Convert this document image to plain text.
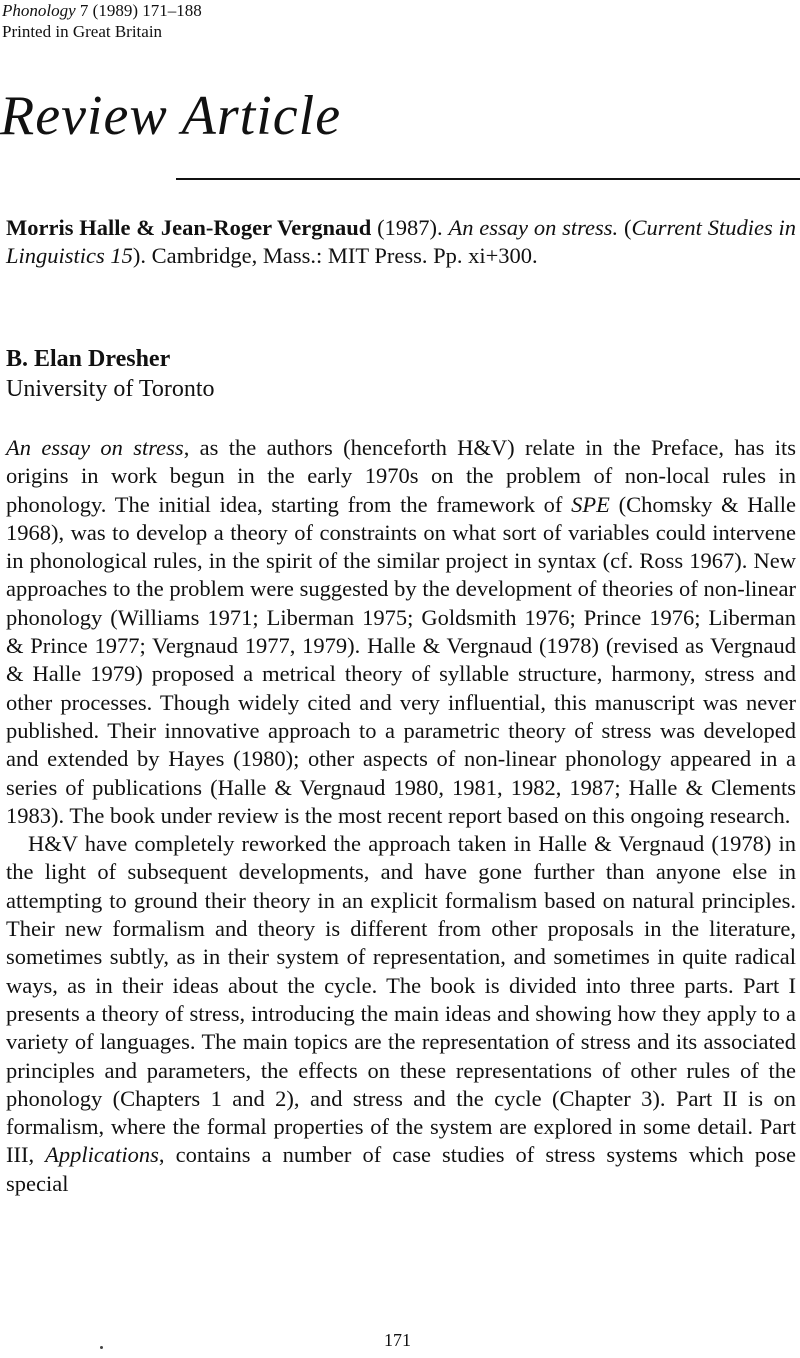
Phonology 7 (1989) 171–188
Printed in Great Britain
Review Article
Morris Halle & Jean-Roger Vergnaud (1987). An essay on stress. (Current Studies in Linguistics 15). Cambridge, Mass.: MIT Press. Pp. xi+300.
B. Elan Dresher
University of Toronto

An essay on stress, as the authors (henceforth H&V) relate in the Preface, has its origins in work begun in the early 1970s on the problem of non-local rules in phonology. The initial idea, starting from the framework of SPE (Chomsky & Halle 1968), was to develop a theory of constraints on what sort of variables could intervene in phonological rules, in the spirit of the similar project in syntax (cf. Ross 1967). New approaches to the problem were suggested by the development of theories of non-linear phonology (Williams 1971; Liberman 1975; Goldsmith 1976; Prince 1976; Liberman & Prince 1977; Vergnaud 1977, 1979). Halle & Vergnaud (1978) (revised as Vergnaud & Halle 1979) proposed a metrical theory of syllable structure, harmony, stress and other processes. Though widely cited and very influential, this manuscript was never published. Their innovative approach to a parametric theory of stress was developed and extended by Hayes (1980); other aspects of non-linear phonology appeared in a series of publications (Halle & Vergnaud 1980, 1981, 1982, 1987; Halle & Clements 1983). The book under review is the most recent report based on this ongoing research.

H&V have completely reworked the approach taken in Halle & Vergnaud (1978) in the light of subsequent developments, and have gone further than anyone else in attempting to ground their theory in an explicit formalism based on natural principles. Their new formalism and theory is different from other proposals in the literature, sometimes subtly, as in their system of representation, and sometimes in quite radical ways, as in their ideas about the cycle. The book is divided into three parts. Part I presents a theory of stress, introducing the main ideas and showing how they apply to a variety of languages. The main topics are the representation of stress and its associated principles and parameters, the effects on these representations of other rules of the phonology (Chapters 1 and 2), and stress and the cycle (Chapter 3). Part II is on formalism, where the formal properties of the system are explored in some detail. Part III, Applications, contains a number of case studies of stress systems which pose special

171
